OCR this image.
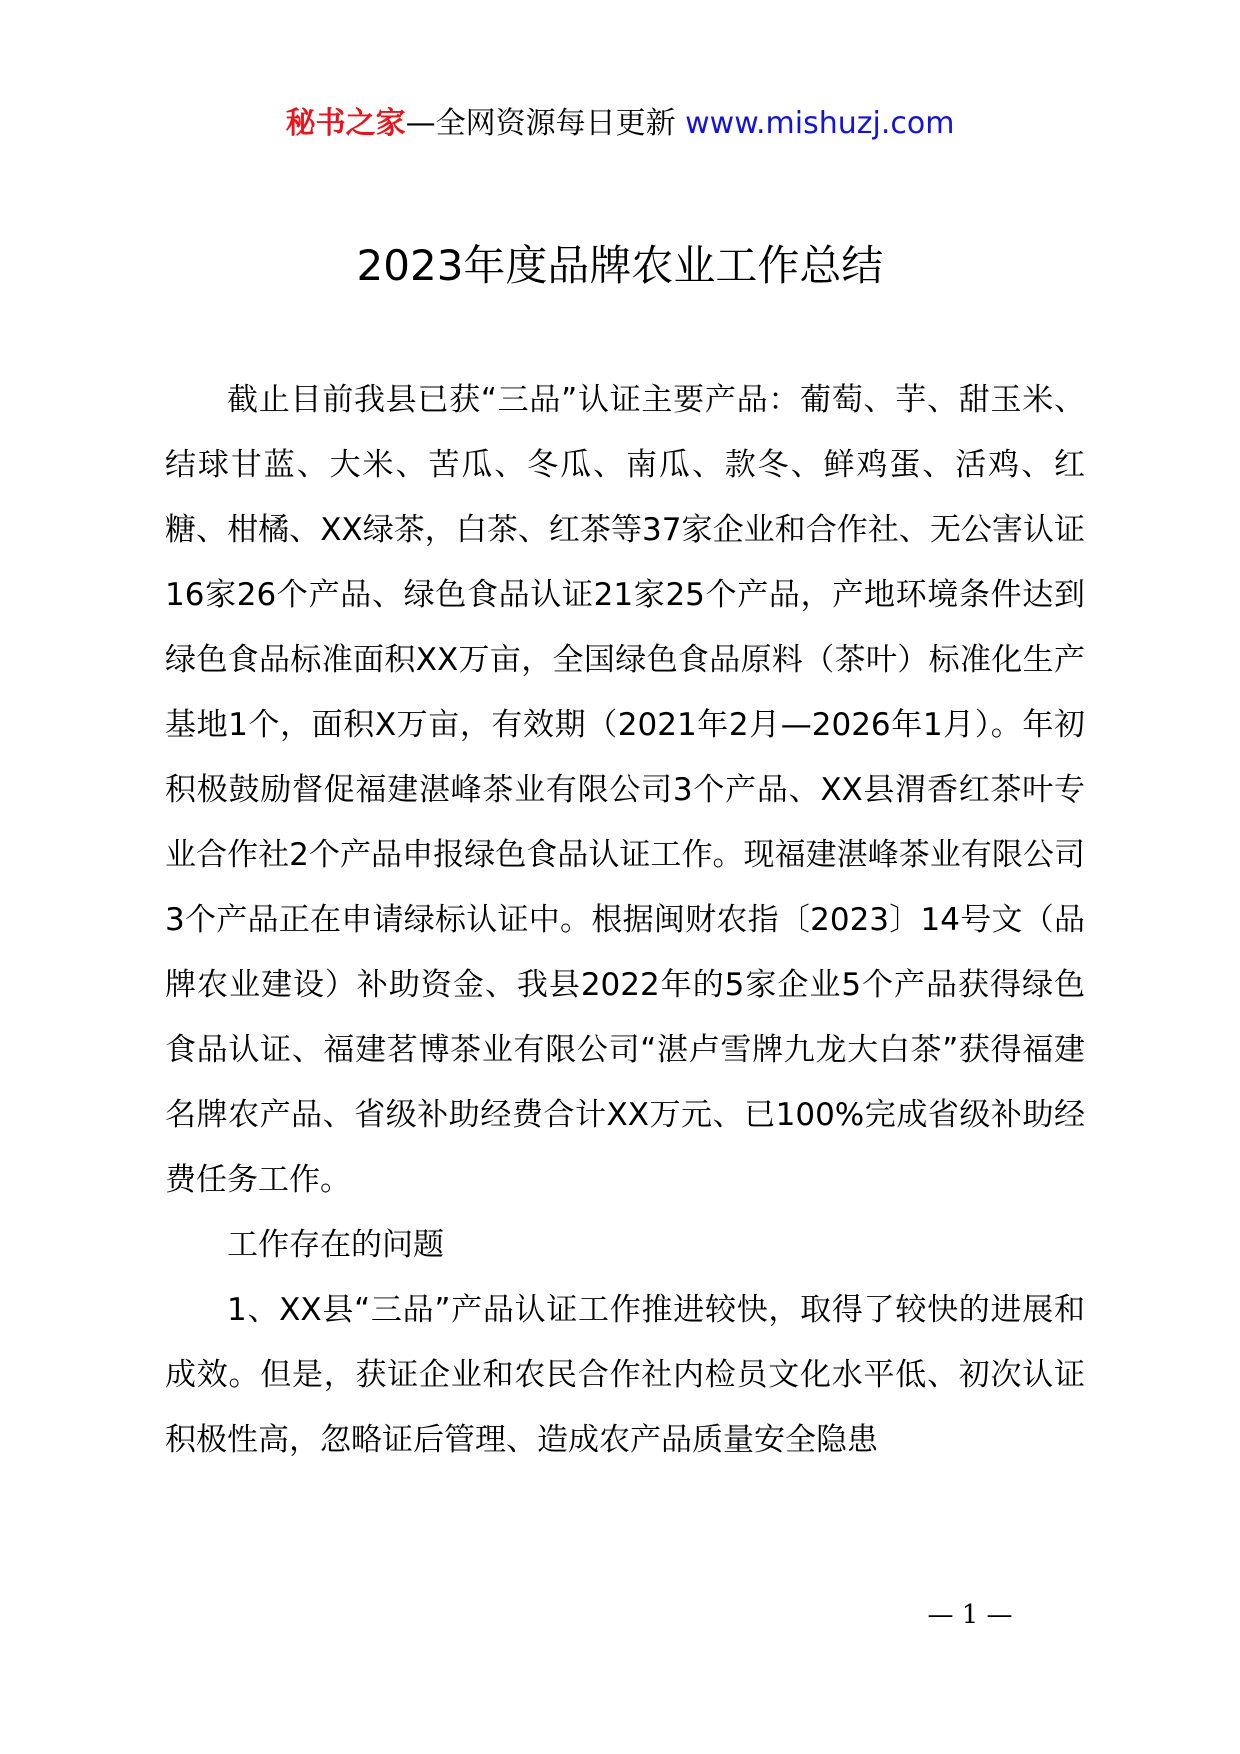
秘书之家—全网资源每日更新 www.mishuzj.com
2023年度品牌农业工作总结

截止目前我县已获“三品”认证主要产品：葡萄、芋、甜玉米、结球甘蓝、大米、苦瓜、冬瓜、南瓜、款冬、鲜鸡蛋、活鸡、红糖、柑橘、XX绿茶，白茶、红茶等37家企业和合作社、无公害认证16家26个产品、绿色食品认证21家25个产品，产地环境条件达到绿色食品标准面积XX万亩，全国绿色食品原料（茶叶）标准化生产基地1个，面积X万亩，有效期（2021年2月—2026年1月）。年初积极鼓励督促福建湛峰茶业有限公司3个产品、XX县渭香红茶叶专业合作社2个产品申报绿色食品认证工作。现福建湛峰茶业有限公司3个产品正在申请绿标认证中。根据闽财农指〔2023〕14号文（品牌农业建设）补助资金、我县2022年的5家企业5个产品获得绿色食品认证、福建茗博茶业有限公司“湛卢雪牌九龙大白茶”获得福建名牌农产品、省级补助经费合计XX万元、已100%完成省级补助经费任务工作。

工作存在的问题

1、XX县“三品”产品认证工作推进较快，取得了较快的进展和成效。但是，获证企业和农民合作社内检员文化水平低、初次认证积极性高，忽略证后管理、造成农产品质量安全隐患

— 1 —
